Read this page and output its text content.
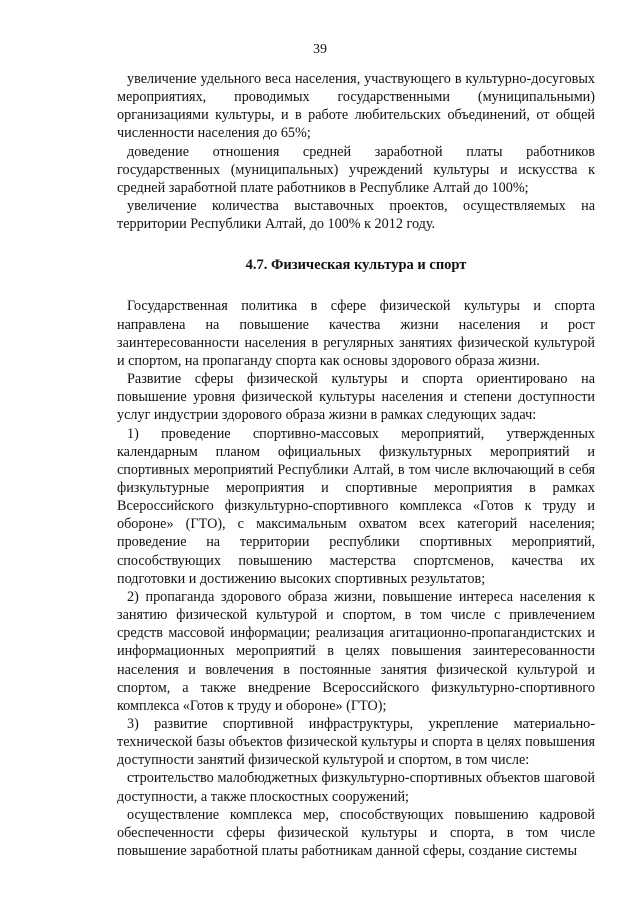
39

увеличение удельного веса населения, участвующего в культурно-досуговых мероприятиях, проводимых государственными (муниципальными) организациями культуры, и в работе любительских объединений, от общей численности населения до 65%;

доведение отношения средней заработной платы работников государственных (муниципальных) учреждений культуры и искусства к средней заработной плате работников в Республике Алтай до 100%;

увеличение количества выставочных проектов, осуществляемых на территории Республики Алтай, до 100% к 2012 году.

4.7. Физическая культура и спорт

Государственная политика в сфере физической культуры и спорта направлена на повышение качества жизни населения и рост заинтересованности населения в регулярных занятиях физической культурой и спортом, на пропаганду спорта как основы здорового образа жизни.

Развитие сферы физической культуры и спорта ориентировано на повышение уровня физической культуры населения и степени доступности услуг индустрии здорового образа жизни в рамках следующих задач:

1) проведение спортивно-массовых мероприятий, утвержденных календарным планом официальных физкультурных мероприятий и спортивных мероприятий Республики Алтай, в том числе включающий в себя физкультурные мероприятия и спортивные мероприятия в рамках Всероссийского физкультурно-спортивного комплекса «Готов к труду и обороне» (ГТО), с максимальным охватом всех категорий населения; проведение на территории республики спортивных мероприятий, способствующих повышению мастерства спортсменов, качества их подготовки и достижению высоких спортивных результатов;

2) пропаганда здорового образа жизни, повышение интереса населения к занятию физической культурой и спортом, в том числе с привлечением средств массовой информации; реализация агитационно-пропагандистских и информационных мероприятий в целях повышения заинтересованности населения и вовлечения в постоянные занятия физической культурой и спортом, а также внедрение Всероссийского физкультурно-спортивного комплекса «Готов к труду и обороне» (ГТО);

3) развитие спортивной инфраструктуры, укрепление материально-технической базы объектов физической культуры и спорта в целях повышения доступности занятий физической культурой и спортом, в том числе:

строительство малобюджетных физкультурно-спортивных объектов шаговой доступности, а также плоскостных сооружений;

осуществление комплекса мер, способствующих повышению кадровой обеспеченности сферы физической культуры и спорта, в том числе повышение заработной платы работникам данной сферы, создание системы
